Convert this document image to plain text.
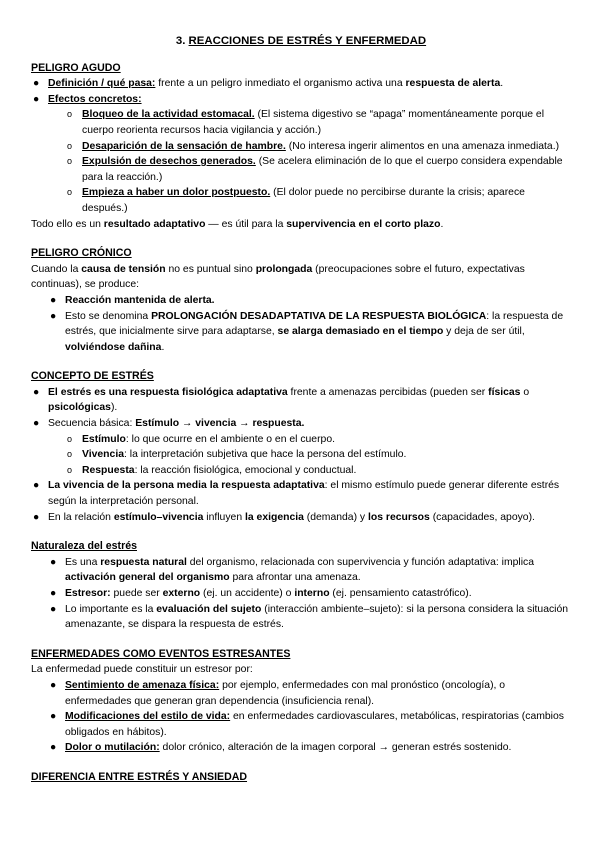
3. REACCIONES DE ESTRÉS Y ENFERMEDAD

PELIGRO AGUDO

● Definición / qué pasa: frente a un peligro inmediato el organismo activa una respuesta de alerta.
● Efectos concretos:
o Bloqueo de la actividad estomacal. (El sistema digestivo se “apaga” momentáneamente porque el cuerpo reorienta recursos hacia vigilancia y acción.)
o Desaparición de la sensación de hambre. (No interesa ingerir alimentos en una amenaza inmediata.)
o Expulsión de desechos generados. (Se acelera eliminación de lo que el cuerpo considera expendable para la reacción.)
o Empieza a haber un dolor postpuesto. (El dolor puede no percibirse durante la crisis; aparece después.)

Todo ello es un resultado adaptativo — es útil para la supervivencia en el corto plazo.

PELIGRO CRÓNICO

Cuando la causa de tensión no es puntual sino prolongada (preocupaciones sobre el futuro, expectativas continuas), se produce:

● Reacción mantenida de alerta.
● Esto se denomina PROLONGACIÓN DESADAPTATIVA DE LA RESPUESTA BIOLÓGICA: la respuesta de estrés, que inicialmente sirve para adaptarse, se alarga demasiado en el tiempo y deja de ser útil, volviéndose dañina.

CONCEPTO DE ESTRÉS

● El estrés es una respuesta fisiológica adaptativa frente a amenazas percibidas (pueden ser físicas o psicológicas).
● Secuencia básica: Estímulo → vivencia → respuesta.
o Estímulo: lo que ocurre en el ambiente o en el cuerpo.
o Vivencia: la interpretación subjetiva que hace la persona del estímulo.
o Respuesta: la reacción fisiológica, emocional y conductual.
● La vivencia de la persona media la respuesta adaptativa: el mismo estímulo puede generar diferente estrés según la interpretación personal.
● En la relación estímulo–vivencia influyen la exigencia (demanda) y los recursos (capacidades, apoyo).

Naturaleza del estrés

● Es una respuesta natural del organismo, relacionada con supervivencia y función adaptativa: implica activación general del organismo para afrontar una amenaza.
● Estresor: puede ser externo (ej. un accidente) o interno (ej. pensamiento catastrófico).
● Lo importante es la evaluación del sujeto (interacción ambiente–sujeto): si la persona considera la situación amenazante, se dispara la respuesta de estrés.

ENFERMEDADES COMO EVENTOS ESTRESANTES

La enfermedad puede constituir un estresor por:

● Sentimiento de amenaza física: por ejemplo, enfermedades con mal pronóstico (oncología), o enfermedades que generan gran dependencia (insuficiencia renal).
● Modificaciones del estilo de vida: en enfermedades cardiovasculares, metabólicas, respiratorias (cambios obligados en hábitos).
● Dolor o mutilación: dolor crónico, alteración de la imagen corporal → generan estrés sostenido.

DIFERENCIA ENTRE ESTRÉS Y ANSIEDAD
